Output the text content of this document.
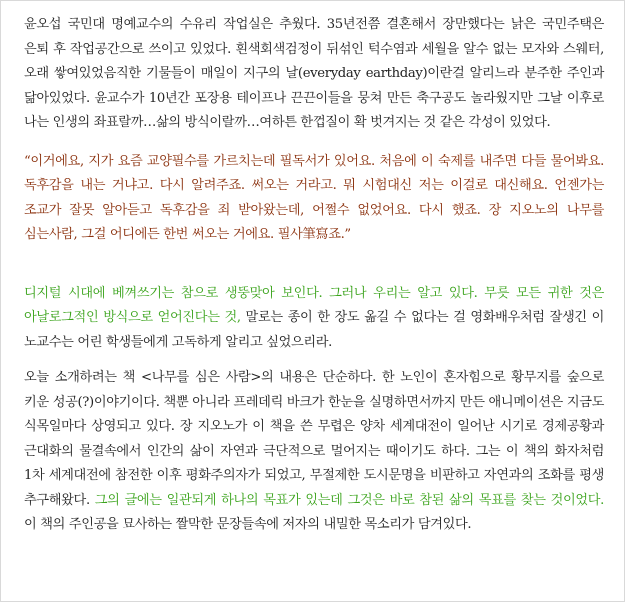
윤오섭 국민대 명예교수의 수유리 작업실은 추웠다. 35년전쯤 결혼해서 장만했다는 낡은 국민주택은 은퇴 후 작업공간으로 쓰이고 있었다. 흰색회색검정이 뒤섞인 턱수염과 세월을 알수 없는 모자와 스웨터, 오래 쌓여있었음직한 기물들이 매일이 지구의 날(everyday earthday)이란걸 알리느라 분주한 주인과 닮아있었다. 윤교수가 10년간 포장용 테이프나 끈끈이들을 뭉쳐 만든 축구공도 놀라웠지만 그날 이후로 나는 인생의 좌표랄까…삶의 방식이랄까…여하튼 한껍질이 확 벗겨지는 것 같은 각성이 있었다.

“이거에요, 지가 요즘 교양필수를 가르치는데 필독서가 있어요. 처음에 이 숙제를 내주면 다들 물어봐요. 독후감을 내는 거냐고. 다시 알려주죠. 써오는 거라고. 뭐 시험대신 저는 이걸로 대신해요. 언젠가는 조교가 잘못 알아듣고 독후감을 죄 받아왔는데, 어쩔수 없었어요. 다시 했죠. 장 지오노의 나무를 심는사람, 그걸 어디에든 한번 써오는 거에요. 필사筆寫죠.”

디지털 시대에 베껴쓰기는 참으로 생뚱맞아 보인다. 그러나 우리는 알고 있다. 무릇 모든 귀한 것은 아날로그적인 방식으로 얻어진다는 것, 말로는 종이 한 장도 옮길 수 없다는 걸 영화배우처럼 잘생긴 이 노교수는 어린 학생들에게 고독하게 알리고 싶었으리라.

오늘 소개하려는 책 <나무를 심은 사람>의 내용은 단순하다. 한 노인이 혼자힘으로 황무지를 숲으로 키운 성공(?)이야기이다. 책뿐 아니라 프레데릭 바크가 한눈을 실명하면서까지 만든 애니메이션은 지금도 식목일마다 상영되고 있다. 장 지오노가 이 책을 쓴 무렵은 양차 세계대전이 일어난 시기로 경제공황과 근대화의 물결속에서 인간의 삶이 자연과 극단적으로 멀어지는 때이기도 하다. 그는 이 책의 화자처럼 1차 세계대전에 참전한 이후 평화주의자가 되었고, 무절제한 도시문명을 비판하고 자연과의 조화를 평생 추구해왔다. 그의 글에는 일관되게 하나의 목표가 있는데 그것은 바로 참된 삶의 목표를 찾는 것이었다. 이 책의 주인공을 묘사하는 짤막한 문장들속에 저자의 내밀한 목소리가 담겨있다.
